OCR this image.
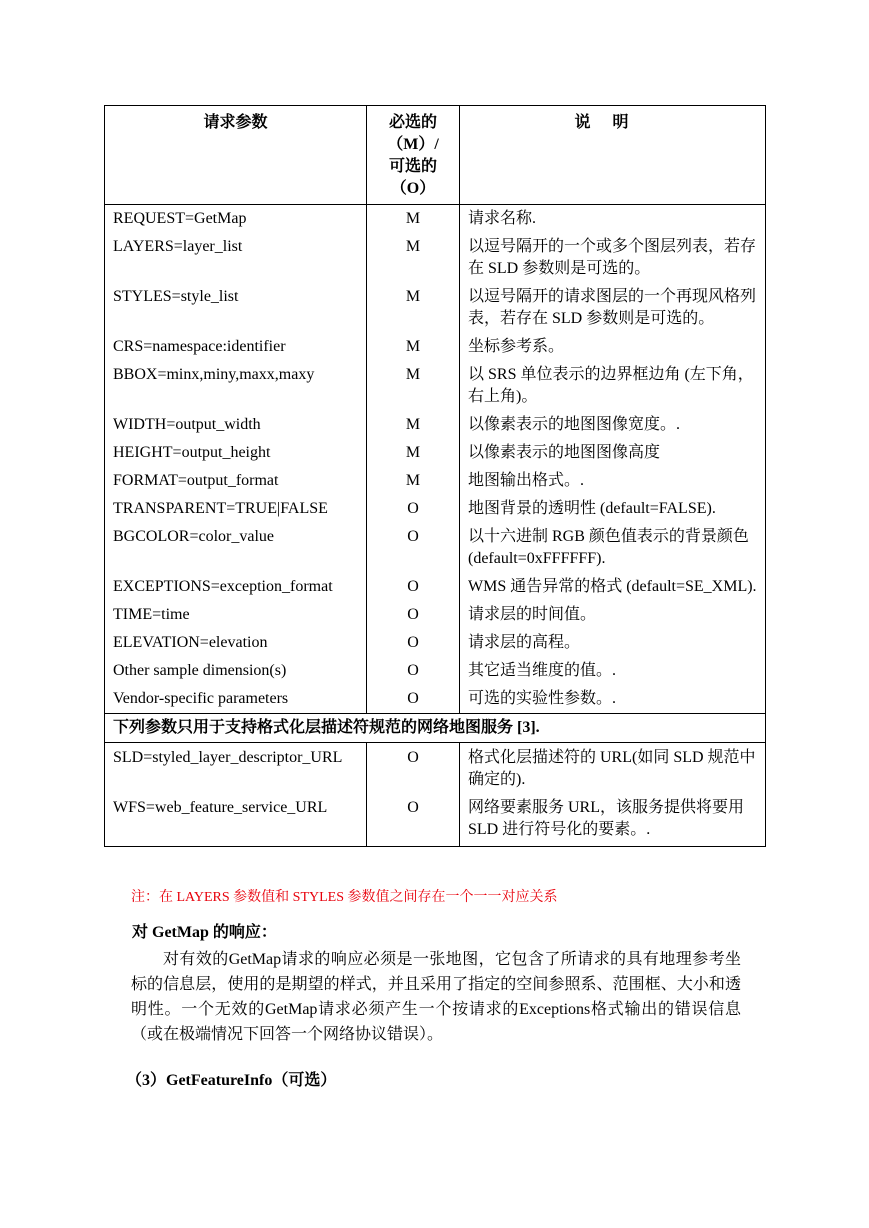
请求参数	必选的
（M）/
可选的
（O）	说明
REQUEST=GetMap	M	请求名称.
LAYERS=layer_list	M	以逗号隔开的一个或多个图层列表，若存在 SLD 参数则是可选的。
STYLES=style_list	M	以逗号隔开的请求图层的一个再现风格列表，若存在 SLD 参数则是可选的。
CRS=namespace:identifier	M	坐标参考系。
BBOX=minx,miny,maxx,maxy	M	以 SRS 单位表示的边界框边角 (左下角，右上角)。
WIDTH=output_width	M	以像素表示的地图图像宽度。.
HEIGHT=output_height	M	以像素表示的地图图像高度
FORMAT=output_format	M	地图输出格式。.
TRANSPARENT=TRUE|FALSE	O	地图背景的透明性 (default=FALSE).
BGCOLOR=color_value	O	以十六进制 RGB 颜色值表示的背景颜色(default=0xFFFFFF).
EXCEPTIONS=exception_format	O	WMS 通告异常的格式 (default=SE_XML).
TIME=time	O	请求层的时间值。
ELEVATION=elevation	O	请求层的高程。
Other sample dimension(s)	O	其它适当维度的值。.
Vendor-specific parameters	O	可选的实验性参数。.
下列参数只用于支持格式化层描述符规范的网络地图服务 [3].		
SLD=styled_layer_descriptor_URL	O	格式化层描述符的 URL(如同 SLD 规范中确定的).
WFS=web_feature_service_URL	O	网络要素服务 URL，该服务提供将要用 SLD 进行符号化的要素。.
注：在 LAYERS 参数值和 STYLES 参数值之间存在一个一一对应关系
对 GetMap 的响应：
对有效的GetMap请求的响应必须是一张地图，它包含了所请求的具有地理参考坐标的信息层，使用的是期望的样式，并且采用了指定的空间参照系、范围框、大小和透明性。一个无效的GetMap请求必须产生一个按请求的Exceptions格式输出的错误信息（或在极端情况下回答一个网络协议错误）。
（3）GetFeatureInfo（可选）
